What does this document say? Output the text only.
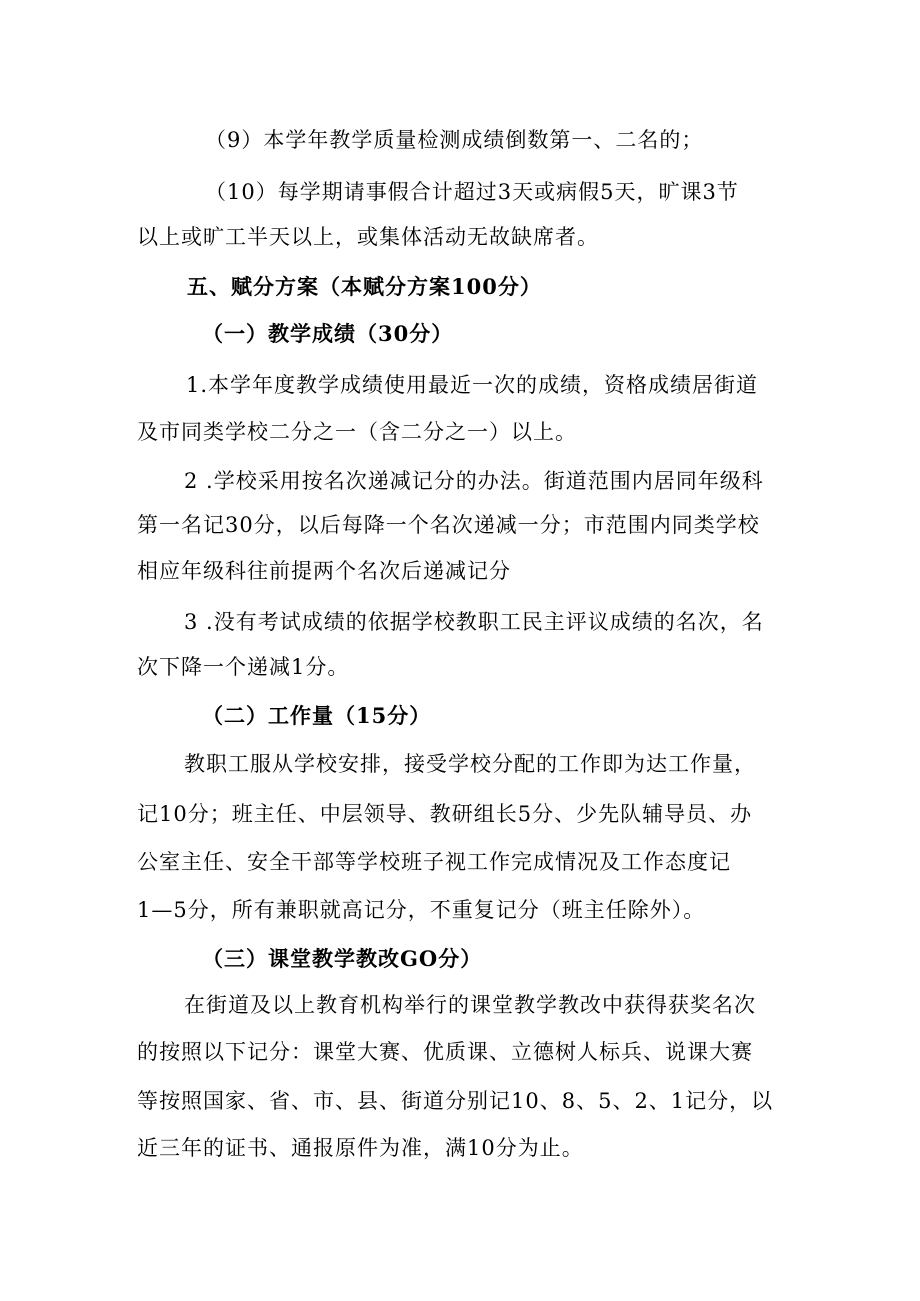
（9）本学年教学质量检测成绩倒数第一、二名的；
（10）每学期请事假合计超过3天或病假5天，旷课3节
以上或旷工半天以上，或集体活动无故缺席者。
五、赋分方案（本赋分方案100分）
（一）教学成绩（30分）
1.本学年度教学成绩使用最近一次的成绩，资格成绩居街道
及市同类学校二分之一（含二分之一）以上。
2 .学校采用按名次递减记分的办法。街道范围内居同年级科
第一名记30分，以后每降一个名次递减一分；市范围内同类学校
相应年级科往前提两个名次后递减记分
3 .没有考试成绩的依据学校教职工民主评议成绩的名次，名
次下降一个递减1分。
（二）工作量（15分）
教职工服从学校安排，接受学校分配的工作即为达工作量，
记10分；班主任、中层领导、教研组长5分、少先队辅导员、办
公室主任、安全干部等学校班子视工作完成情况及工作态度记
1—5分，所有兼职就高记分，不重复记分（班主任除外）。
（三）课堂教学教改GO分）
在街道及以上教育机构举行的课堂教学教改中获得获奖名次
的按照以下记分：课堂大赛、优质课、立德树人标兵、说课大赛
等按照国家、省、市、县、街道分别记10、8、5、2、1记分，以
近三年的证书、通报原件为准，满10分为止。
